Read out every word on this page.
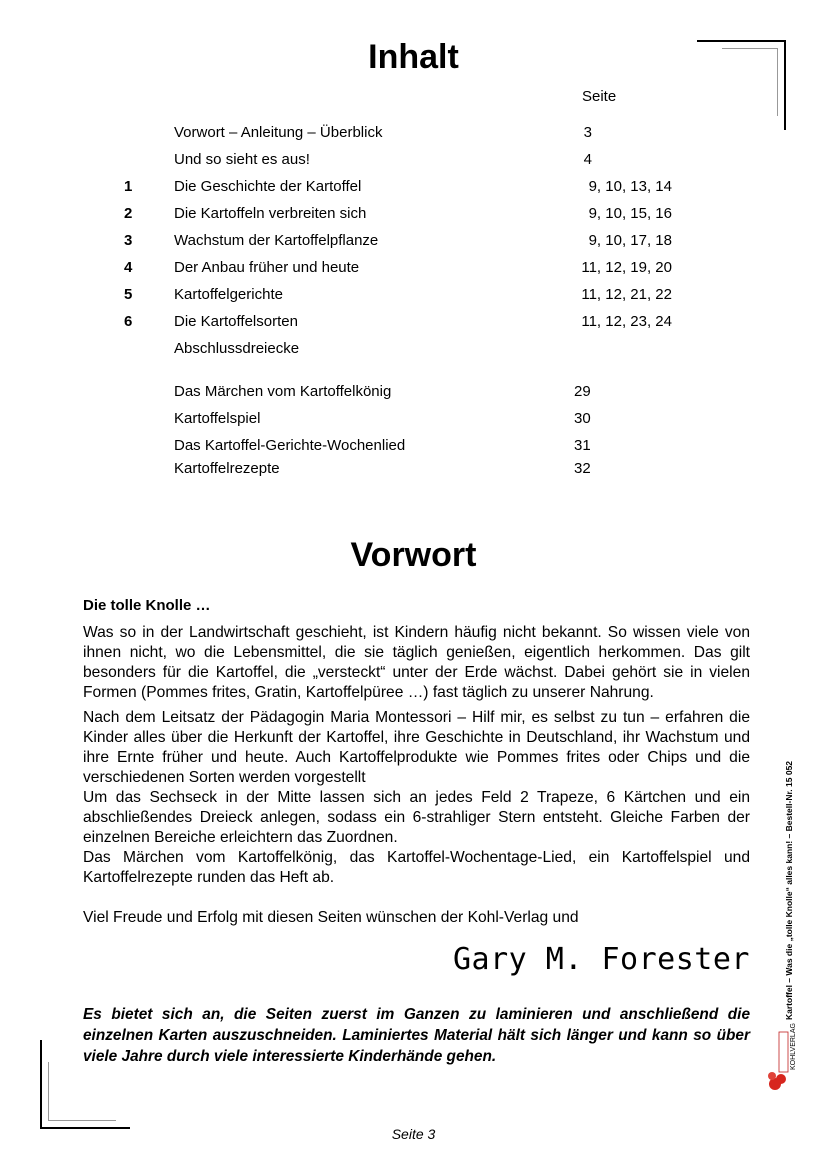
Inhalt
Seite
Vorwort – Anleitung – Überblick	3
Und so sieht es aus!	4
1	Die Geschichte der Kartoffel	9, 10, 13, 14
2	Die Kartoffeln verbreiten sich	9, 10, 15, 16
3	Wachstum der Kartoffelpflanze	9, 10, 17, 18
4	Der Anbau früher und heute	11, 12, 19, 20
5	Kartoffelgerichte	11, 12, 21, 22
6	Die Kartoffelsorten	11, 12, 23, 24
Abschlussdreiecke
Das Märchen vom Kartoffelkönig	29
Kartoffelspiel	30
Das Kartoffel-Gerichte-Wochenlied	31
Kartoffelrezepte	32
Vorwort
Die tolle Knolle …

Was so in der Landwirtschaft geschieht, ist Kindern häufig nicht bekannt. So wissen viele von ihnen nicht, wo die Lebensmittel, die sie täglich genießen, eigentlich herkommen. Das gilt besonders für die Kartoffel, die „versteckt“ unter der Erde wächst. Dabei gehört sie in vielen Formen (Pommes frites, Gratin, Kartoffelpüree …) fast täglich zu unserer Nahrung.

Nach dem Leitsatz der Pädagogin Maria Montessori – Hilf mir, es selbst zu tun – erfahren die Kinder alles über die Herkunft der Kartoffel, ihre Geschichte in Deutschland, ihr Wachstum und ihre Ernte früher und heute. Auch Kartoffelprodukte wie Pommes frites oder Chips und die verschiedenen Sorten werden vorgestellt

Um das Sechseck in der Mitte lassen sich an jedes Feld 2 Trapeze, 6 Kärtchen und ein abschließendes Dreieck anlegen, sodass ein 6-strahliger Stern entsteht. Gleiche Farben der einzelnen Bereiche erleichtern das Zuordnen.

Das Märchen vom Kartoffelkönig, das Kartoffel-Wochentage-Lied, ein Kartoffelspiel und Kartoffelrezepte runden das Heft ab.

Viel Freude und Erfolg mit diesen Seiten wünschen der Kohl-Verlag und

Gary M. Forester
Es bietet sich an, die Seiten zuerst im Ganzen zu laminieren und anschließend die einzelnen Karten auszuschneiden. Laminiertes Material hält sich länger und kann so über viele Jahre durch viele interessierte Kinderhände gehen.
Kartoffel – Was die „tolle Knolle“ alles kann! – Bestell-Nr. 15 052
KOHLVERLAG
Seite 3
